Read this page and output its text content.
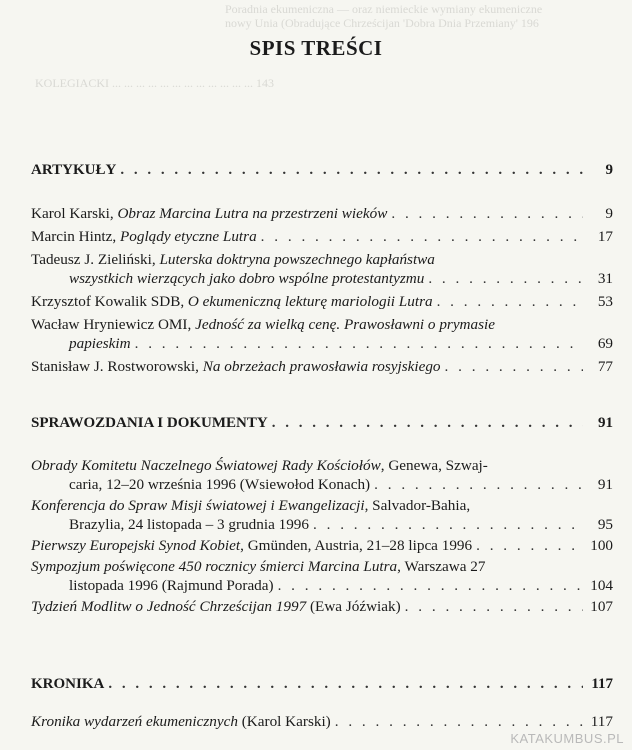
Poradnia ekumeniczna — oraz niemieckie wymiany ekumeniczne
nowy Unia (Obradujące Chrześcijan 'Dobra Dnia Przemiany' 196
KOLEGIACKI ... ... ... ... ... ... ... ... ... ... ... ... 143
SPIS TREŚCI
ARTYKUŁY . . .	9
Karol Karski, Obraz Marcina Lutra na przestrzeni wieków . . .	9
Marcin Hintz, Poglądy etyczne Lutra . . .	17
Tadeusz J. Zieliński, Luterska doktryna powszechnego kapłaństwa
wszystkich wierzących jako dobro wspólne protestantyzmu . . .	31
Krzysztof Kowalik SDB, O ekumeniczną lekturę mariologii Lutra . . .	53
Wacław Hryniewicz OMI, Jedność za wielką cenę. Prawosławni o prymasie
papieskim . . .	69
Stanisław J. Rostworowski, Na obrzeżach prawosławia rosyjskiego . . .	77
SPRAWOZDANIA I DOKUMENTY . . .	91
Obrady Komitetu Naczelnego Światowej Rady Kościołów, Genewa, Szwaj-
caria, 12–20 września 1996 (Wsiewołod Konach) . . .	91
Konferencja do Spraw Misji światowej i Ewangelizacji, Salvador-Bahia,
Brazylia, 24 listopada – 3 grudnia 1996 . . .	95
Pierwszy Europejski Synod Kobiet, Gmünden, Austria, 21–28 lipca 1996 . . .	100
Sympozjum poświęcone 450 rocznicy śmierci Marcina Lutra, Warszawa 27
listopada 1996 (Rajmund Porada) . . .	104
Tydzień Modlitw o Jedność Chrześcijan 1997 (Ewa Jóźwiak) . . .	107
KRONIKA . . .	117
Kronika wydarzeń ekumenicznych (Karol Karski) . . .	117
KATAKUMBUS.PL
